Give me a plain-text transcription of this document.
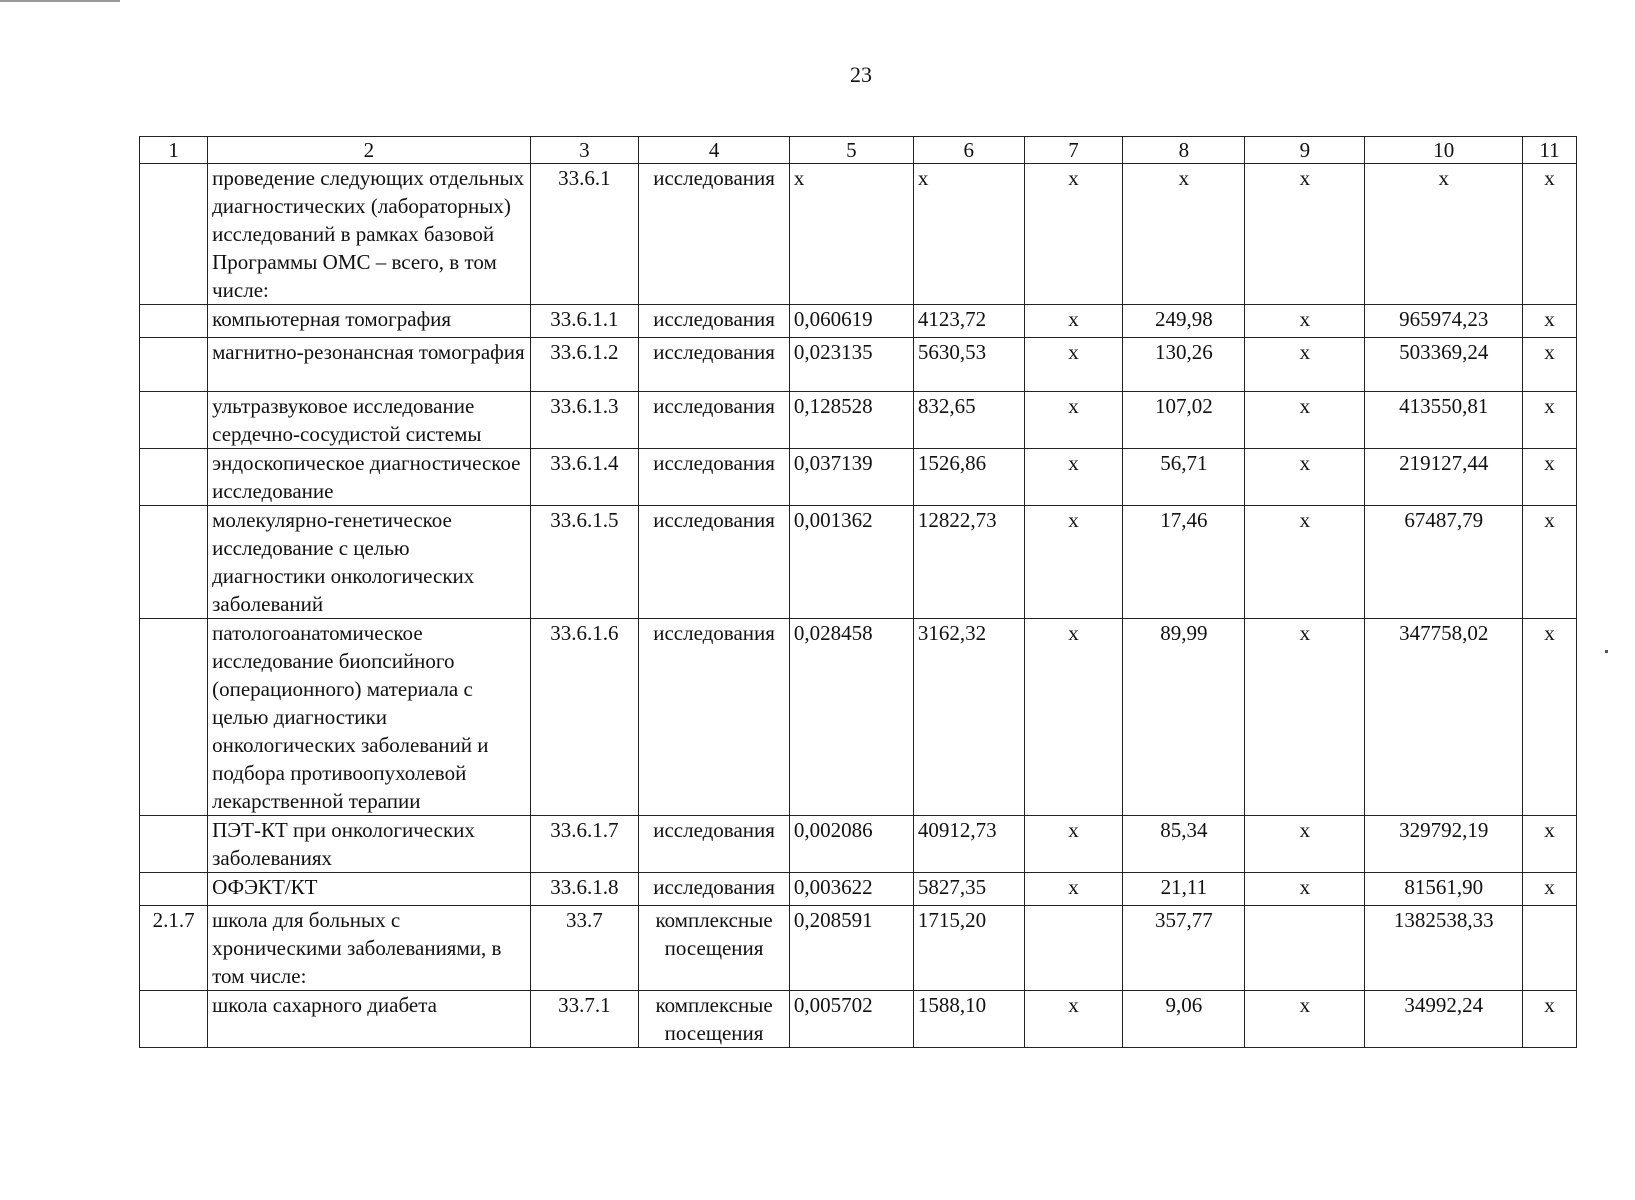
23
1	2	3	4	5	6	7	8	9	10	11
	проведение следующих отдельных диагностических (лабораторных) исследований в рамках базовой Программы ОМС – всего, в том числе:	33.6.1	исследования	х	х	х	х	х	х	х
	компьютерная томография	33.6.1.1	исследования	0,060619	4123,72	х	249,98	х	965974,23	х
	магнитно-резонансная томография	33.6.1.2	исследования	0,023135	5630,53	х	130,26	х	503369,24	х
	ультразвуковое исследование сердечно-сосудистой системы	33.6.1.3	исследования	0,128528	832,65	х	107,02	х	413550,81	х
	эндоскопическое диагностическое исследование	33.6.1.4	исследования	0,037139	1526,86	х	56,71	х	219127,44	х
	молекулярно-генетическое исследование с целью диагностики онкологических заболеваний	33.6.1.5	исследования	0,001362	12822,73	х	17,46	х	67487,79	х
	патологоанатомическое исследование биопсийного (операционного) материала с целью диагностики онкологических заболеваний и подбора противоопухолевой лекарственной терапии	33.6.1.6	исследования	0,028458	3162,32	х	89,99	х	347758,02	х
	ПЭТ-КТ при онкологических заболеваниях	33.6.1.7	исследования	0,002086	40912,73	х	85,34	х	329792,19	х
	ОФЭКТ/КТ	33.6.1.8	исследования	0,003622	5827,35	х	21,11	х	81561,90	х
2.1.7	школа для больных с хроническими заболеваниями, в том числе:	33.7	комплексные посещения	0,208591	1715,20		357,77		1382538,33	
	школа сахарного диабета	33.7.1	комплексные посещения	0,005702	1588,10	х	9,06	х	34992,24	х
